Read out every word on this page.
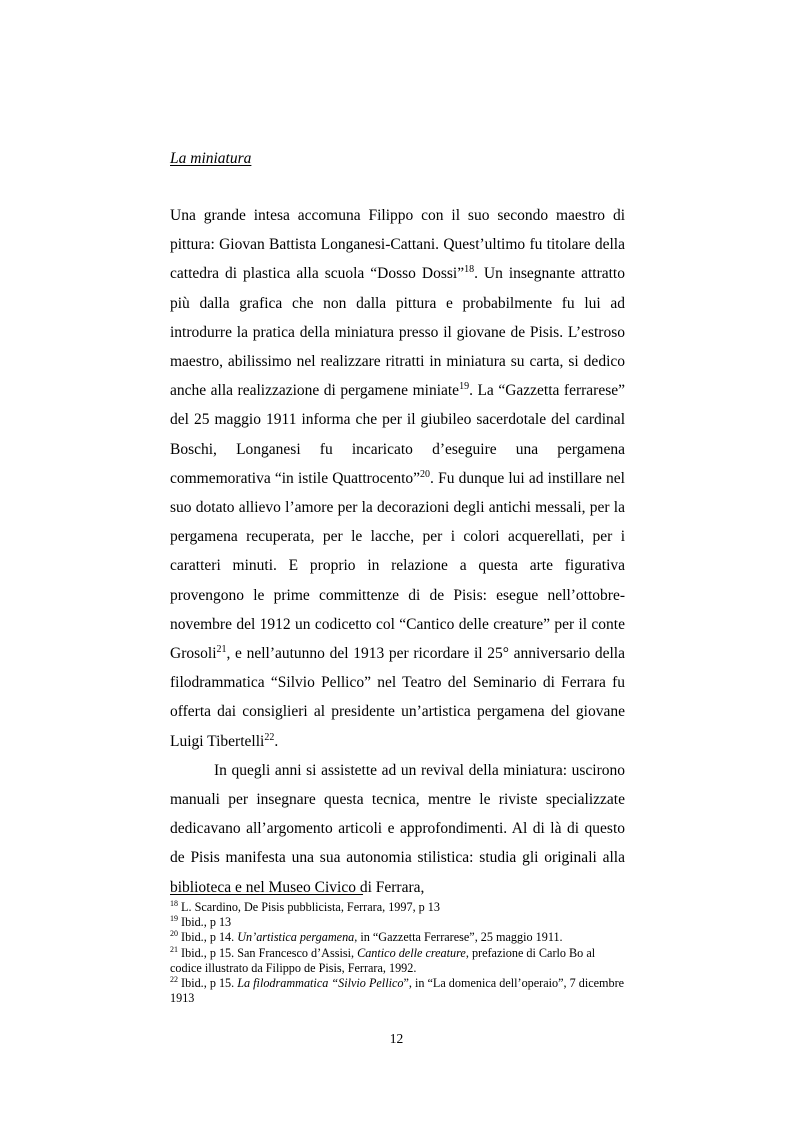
La miniatura

Una grande intesa accomuna Filippo con il suo secondo maestro di pittura: Giovan Battista Longanesi-Cattani. Quest’ultimo fu titolare della cattedra di plastica alla scuola “Dosso Dossi”$^{18}$. Un insegnante attratto più dalla grafica che non dalla pittura e probabilmente fu lui ad introdurre la pratica della miniatura presso il giovane de Pisis. L’estroso maestro, abilissimo nel realizzare ritratti in miniatura su carta, si dedico anche alla realizzazione di pergamene miniate$^{19}$. La “Gazzetta ferrarese” del 25 maggio 1911 informa che per il giubileo sacerdotale del cardinal Boschi, Longanesi fu incaricato d’eseguire una pergamena commemorativa “in istile Quattrocento”$^{20}$. Fu dunque lui ad instillare nel suo dotato allievo l’amore per la decorazioni degli antichi messali, per la pergamena recuperata, per le lacche, per i colori acquerellati, per i caratteri minuti. E proprio in relazione a questa arte figurativa provengono le prime committenze di de Pisis: esegue nell’ottobre-novembre del 1912 un codicetto col “Cantico delle creature” per il conte Grosoli$^{21}$, e nell’autunno del 1913 per ricordare il 25° anniversario della filodrammatica “Silvio Pellico” nel Teatro del Seminario di Ferrara fu offerta dai consiglieri al presidente un’artistica pergamena del giovane Luigi Tibertelli$^{22}$.

In quegli anni si assistette ad un revival della miniatura: uscirono manuali per insegnare questa tecnica, mentre le riviste specializzate dedicavano all’argomento articoli e approfondimenti. Al di là di questo de Pisis manifesta una sua autonomia stilistica: studia gli originali alla biblioteca e nel Museo Civico di Ferrara,

$^{18}$ L. Scardino, De Pisis pubblicista, Ferrara, 1997, p 13
$^{19}$ Ibid., p 13
$^{20}$ Ibid., p 14. Un’artistica pergamena, in “Gazzetta Ferrarese”, 25 maggio 1911.
$^{21}$ Ibid., p 15. San Francesco d’Assisi, Cantico delle creature, prefazione di Carlo Bo al codice illustrato da Filippo de Pisis, Ferrara, 1992.
$^{22}$ Ibid., p 15. La filodrammatica “Silvio Pellico”, in “La domenica dell’operaio”, 7 dicembre 1913
12
